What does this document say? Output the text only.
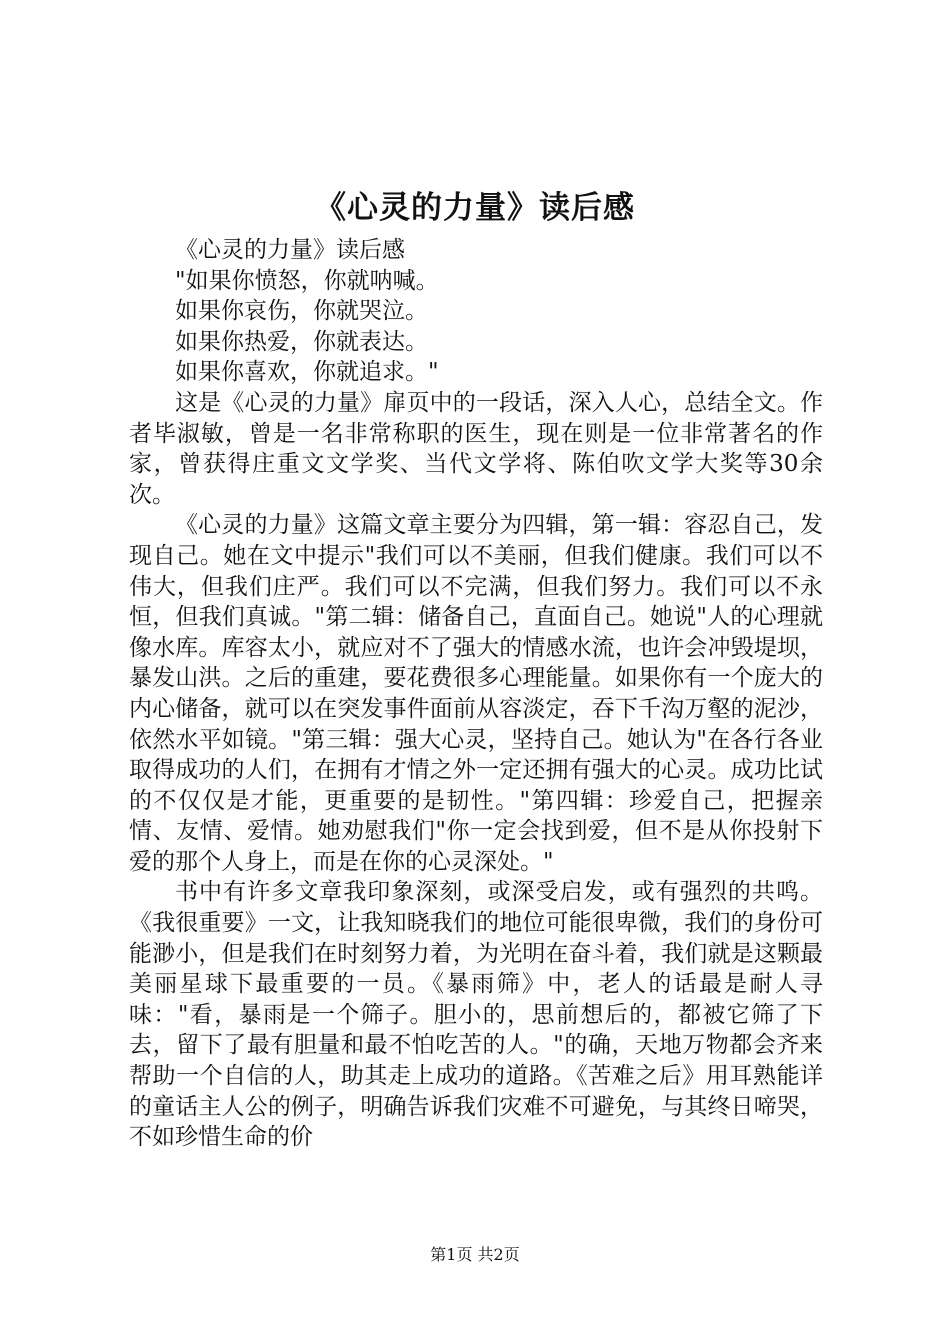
《心灵的力量》读后感

《心灵的力量》读后感

"如果你愤怒，你就呐喊。

如果你哀伤，你就哭泣。

如果你热爱，你就表达。

如果你喜欢，你就追求。"

这是《心灵的力量》扉页中的一段话，深入人心，总结全文。作者毕淑敏，曾是一名非常称职的医生，现在则是一位非常著名的作家，曾获得庄重文文学奖、当代文学将、陈伯吹文学大奖等30余次。

《心灵的力量》这篇文章主要分为四辑，第一辑：容忍自己，发现自己。她在文中提示"我们可以不美丽，但我们健康。我们可以不伟大，但我们庄严。我们可以不完满，但我们努力。我们可以不永恒，但我们真诚。"第二辑：储备自己，直面自己。她说"人的心理就像水库。库容太小，就应对不了强大的情感水流，也许会冲毁堤坝，暴发山洪。之后的重建，要花费很多心理能量。如果你有一个庞大的内心储备，就可以在突发事件面前从容淡定，吞下千沟万壑的泥沙，依然水平如镜。"第三辑：强大心灵，坚持自己。她认为"在各行各业取得成功的人们，在拥有才情之外一定还拥有强大的心灵。成功比试的不仅仅是才能，更重要的是韧性。"第四辑：珍爱自己，把握亲情、友情、爱情。她劝慰我们"你一定会找到爱，但不是从你投射下爱的那个人身上，而是在你的心灵深处。"

书中有许多文章我印象深刻，或深受启发，或有强烈的共鸣。《我很重要》一文，让我知晓我们的地位可能很卑微，我们的身份可能渺小，但是我们在时刻努力着，为光明在奋斗着，我们就是这颗最美丽星球下最重要的一员。《暴雨筛》中，老人的话最是耐人寻味："看，暴雨是一个筛子。胆小的，思前想后的，都被它筛了下去，留下了最有胆量和最不怕吃苦的人。"的确，天地万物都会齐来帮助一个自信的人，助其走上成功的道路。《苦难之后》用耳熟能详的童话主人公的例子，明确告诉我们灾难不可避免，与其终日啼哭，不如珍惜生命的价

第1页 共2页
